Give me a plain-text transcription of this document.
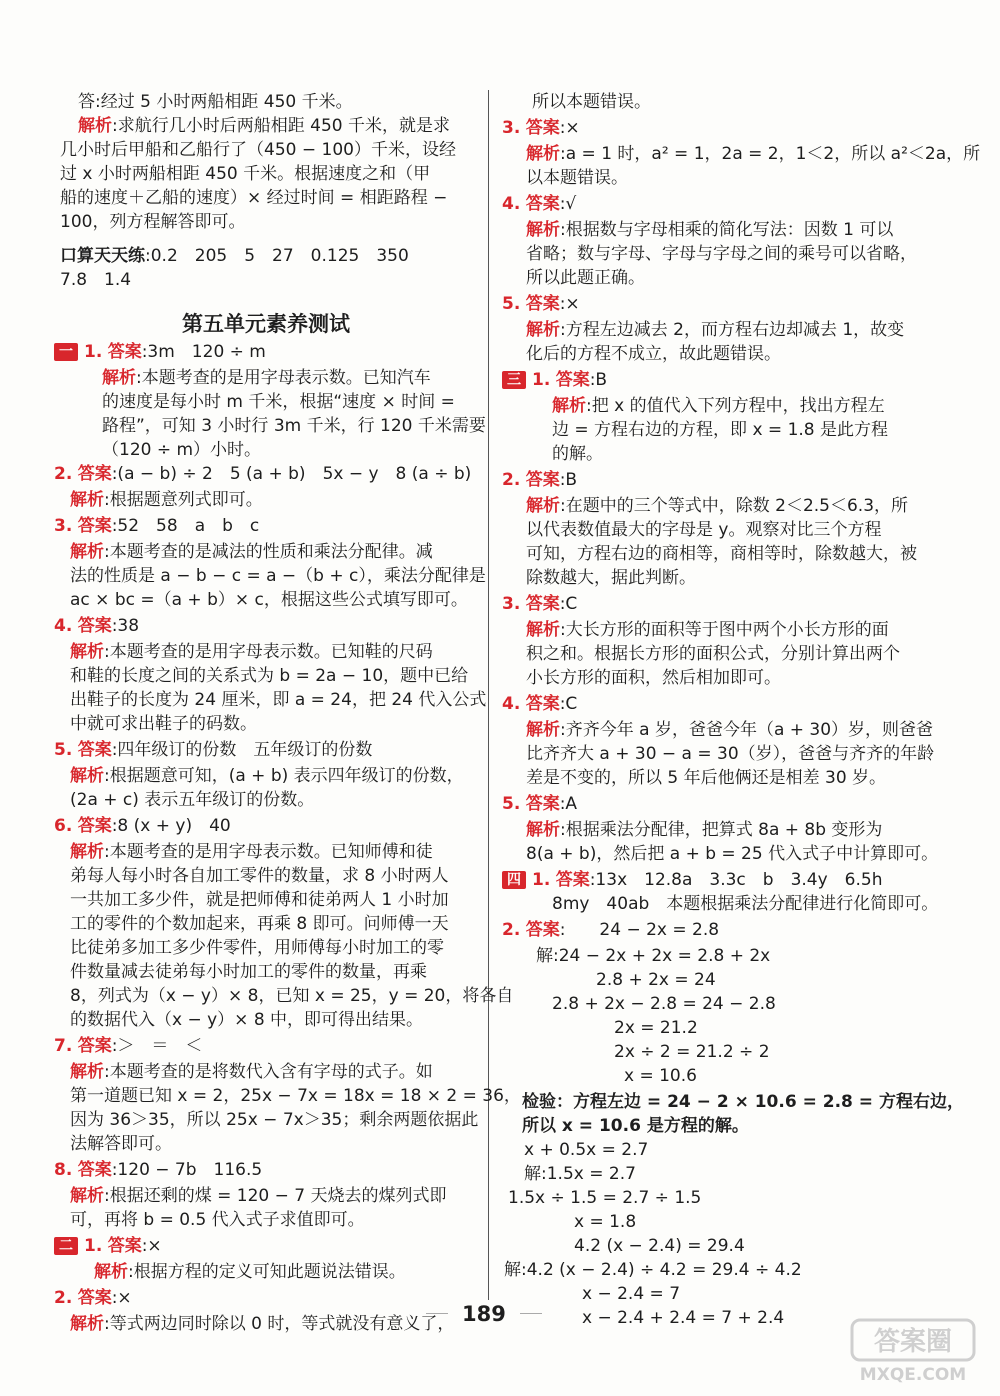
答:经过 5 小时两船相距 450 千米。
解析:求航行几小时后两船相距 450 千米，就是求
几小时后甲船和乙船行了（450 − 100）千米，设经
过 x 小时两船相距 450 千米。根据速度之和（甲
船的速度＋乙船的速度）× 经过时间 = 相距路程 −
100，列方程解答即可。
口算天天练:0.2　205　5　27　0.125　350
7.8　1.4
一 1. 答案:3m　120 ÷ m
解析:本题考查的是用字母表示数。已知汽车
的速度是每小时 m 千米，根据“速度 × 时间 =
路程”，可知 3 小时行 3m 千米，行 120 千米需要
（120 ÷ m）小时。
2. 答案:(a − b) ÷ 2　5 (a + b)　5x − y　8 (a ÷ b)
解析:根据题意列式即可。
3. 答案:52　58　a　b　c
解析:本题考查的是减法的性质和乘法分配律。减
法的性质是 a − b − c = a −（b + c），乘法分配律是
ac × bc =（a + b）× c，根据这些公式填写即可。
4. 答案:38
解析:本题考查的是用字母表示数。已知鞋的尺码
和鞋的长度之间的关系式为 b = 2a − 10，题中已给
出鞋子的长度为 24 厘米，即 a = 24，把 24 代入公式
中就可求出鞋子的码数。
5. 答案:四年级订的份数　五年级订的份数
解析:根据题意可知，(a + b) 表示四年级订的份数，
(2a + c) 表示五年级订的份数。
6. 答案:8 (x + y)　40
解析:本题考查的是用字母表示数。已知师傅和徒
弟每人每小时各自加工零件的数量，求 8 小时两人
一共加工多少件，就是把师傅和徒弟两人 1 小时加
工的零件的个数加起来，再乘 8 即可。问师傅一天
比徒弟多加工多少件零件，用师傅每小时加工的零
件数量减去徒弟每小时加工的零件的数量，再乘
8，列式为（x − y）× 8，已知 x = 25，y = 20，将各自
的数据代入（x − y）× 8 中，即可得出结果。
7. 答案:＞　＝　＜
解析:本题考查的是将数代入含有字母的式子。如
第一道题已知 x = 2，25x − 7x = 18x = 18 × 2 = 36，
因为 36＞35，所以 25x − 7x＞35；剩余两题依据此
法解答即可。
8. 答案:120 − 7b　116.5
解析:根据还剩的煤 = 120 − 7 天烧去的煤列式即
可，再将 b = 0.5 代入式子求值即可。
二 1. 答案:×
解析:根据方程的定义可知此题说法错误。
2. 答案:×
解析:等式两边同时除以 0 时，等式就没有意义了，
第五单元素养测试
所以本题错误。
3. 答案:×
解析:a = 1 时，a² = 1，2a = 2，1＜2，所以 a²＜2a，所
以本题错误。
4. 答案:√
解析:根据数与字母相乘的简化写法：因数 1 可以
省略；数与字母、字母与字母之间的乘号可以省略，
所以此题正确。
5. 答案:×
解析:方程左边减去 2，而方程右边却减去 1，故变
化后的方程不成立，故此题错误。
三 1. 答案:B
解析:把 x 的值代入下列方程中，找出方程左
边 = 方程右边的方程，即 x = 1.8 是此方程
的解。
2. 答案:B
解析:在题中的三个等式中，除数 2＜2.5＜6.3，所
以代表数值最大的字母是 y。观察对比三个方程
可知，方程右边的商相等，商相等时，除数越大，被
除数越大，据此判断。
3. 答案:C
解析:大长方形的面积等于图中两个小长方形的面
积之和。根据长方形的面积公式，分别计算出两个
小长方形的面积，然后相加即可。
4. 答案:C
解析:齐齐今年 a 岁，爸爸今年（a + 30）岁，则爸爸
比齐齐大 a + 30 − a = 30（岁），爸爸与齐齐的年龄
差是不变的，所以 5 年后他俩还是相差 30 岁。
5. 答案:A
解析:根据乘法分配律，把算式 8a + 8b 变形为
8(a + b)，然后把 a + b = 25 代入式子中计算即可。
四 1. 答案:13x　12.8a　3.3c　b　3.4y　6.5h
8my　40ab　本题根据乘法分配律进行化简即可。
2. 答案:　　24 − 2x = 2.8
解:24 − 2x + 2x = 2.8 + 2x
2.8 + 2x = 24
2.8 + 2x − 2.8 = 24 − 2.8
2x = 21.2
2x ÷ 2 = 21.2 ÷ 2
x = 10.6
检验：方程左边 = 24 − 2 × 10.6 = 2.8 = 方程右边，
所以 x = 10.6 是方程的解。
x + 0.5x = 2.7
解:1.5x = 2.7
1.5x ÷ 1.5 = 2.7 ÷ 1.5
x = 1.8
4.2 (x − 2.4) = 29.4
解:4.2 (x − 2.4) ÷ 4.2 = 29.4 ÷ 4.2
x − 2.4 = 7
x − 2.4 + 2.4 = 7 + 2.4
189
答案圈
MXQE.COM
